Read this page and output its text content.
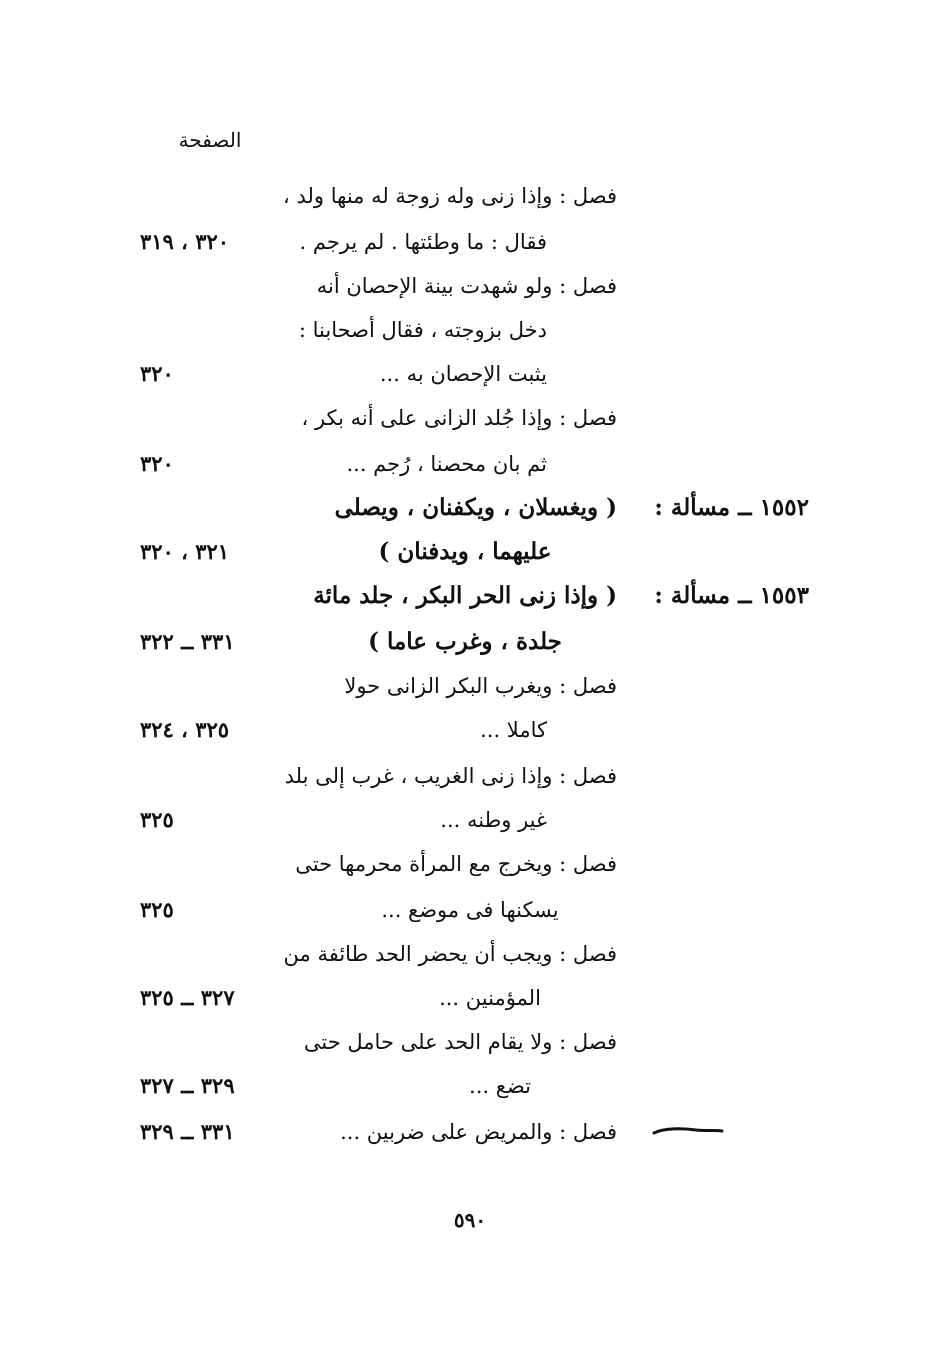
الصفحة
فصل : وإذا زنى وله زوجة له منها ولد ،
فقال : ما وطئتها . لم يرجم .
٣٢٠ ، ٣١٩
فصل : ولو شهدت بينة الإحصان أنه
دخل بزوجته ، فقال أصحابنا :
يثبت الإحصان به ...
٣٢٠
فصل : وإذا جُلد الزانى على أنه بكر ،
ثم بان محصنا ، رُجم ...
٣٢٠
١٥٥٢ ــ مسألة :
( ويغسلان ، ويكفنان ، ويصلى
عليهما ، ويدفنان )
٣٢١ ، ٣٢٠
١٥٥٣ ــ مسألة :
( وإذا زنى الحر البكر ، جلد مائة
جلدة ، وغرب عاما )
٣٣١ ــ ٣٢٢
فصل : ويغرب البكر الزانى حولا
كاملا ...
٣٢٥ ، ٣٢٤
فصل : وإذا زنى الغريب ، غرب إلى بلد
غير وطنه ...
٣٢٥
فصل : ويخرج مع المرأة محرمها حتى
يسكنها فى موضع ...
٣٢٥
فصل : ويجب أن يحضر الحد طائفة من
المؤمنين ...
٣٢٧ ــ ٣٢٥
فصل : ولا يقام الحد على حامل حتى
تضع ...
٣٢٩ ــ ٣٢٧
فصل : والمريض على ضربين ...
٣٣١ ــ ٣٢٩
٥٩٠
